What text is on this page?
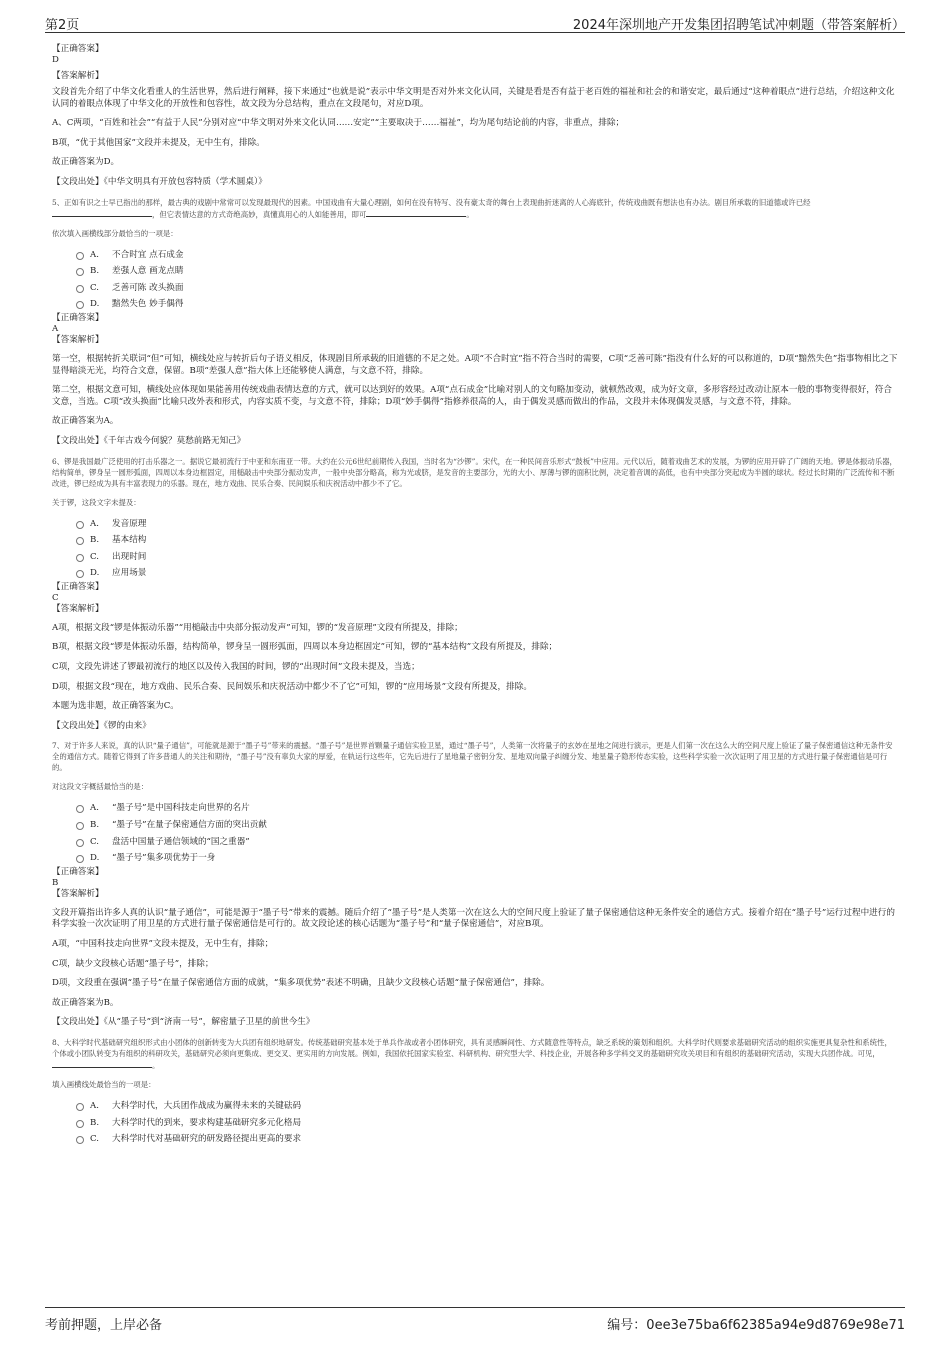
第2页	2024年深圳地产开发集团招聘笔试冲刺题（带答案解析）

【正确答案】

D

【答案解析】

文段首先介绍了中华文化看重人的生活世界，然后进行阐释，接下来通过“也就是说”表示中华文明是否对外来文化认同，关键是看是否有益于老百姓的福祉和社会的和谐安定，最后通过“这种着眼点”进行总结，介绍这种文化认同的着眼点体现了中华文化的开放性和包容性，故文段为分总结构，重点在文段尾句，对应D项。

A、C两项，“百姓和社会”“有益于人民”分别对应“中华文明对外来文化认同……安定”“主要取决于……福祉”，均为尾句结论前的内容，非重点，排除；

B项，“优于其他国家”文段并未提及，无中生有，排除。

故正确答案为D。

【文段出处】《中华文明具有开放包容特质（学术圆桌）》

5、正如有识之士早已指出的那样，最古典的戏剧中常常可以发现最现代的因素。中国戏曲有大量心理剧，如何在没有特写、没有豪太奇的舞台上表现曲折迷离的人心海底针，传统戏曲既有想法也有办法。剧目所承载的旧道德或许已经，但它表情达意的方式奇绝高妙，真懂真用心的人如能善用，即可	。

依次填入画横线部分最恰当的一项是：

A. 不合时宜 点石成金
B. 差强人意 画龙点睛
C. 乏善可陈 改头换面
D. 黯然失色 妙手偶得

【正确答案】

A

【答案解析】

第一空，根据转折关联词“但”可知，横线处应与转折后句子语义相反，体现剧目所承载的旧道德的不足之处。A项“不合时宜”指不符合当时的需要，C项“乏善可陈”指没有什么好的可以称道的，D项“黯然失色”指事物相比之下显得暗淡无光，均符合文意，保留。B项“差强人意”指大体上还能够使人满意，与文意不符，排除。

第二空，根据文意可知，横线处应体现如果能善用传统戏曲表情达意的方式，就可以达到好的效果。A项“点石成金”比喻对别人的文句略加变动，就顿然改观，成为好文章，多形容经过改动让原本一般的事物变得很好，符合文意，当选。C项“改头换面”比喻只改外表和形式，内容实质不变，与文意不符，排除；D项“妙手偶得”指修养很高的人，由于偶发灵感而做出的作品，文段并未体现偶发灵感，与文意不符，排除。

故正确答案为A。

【文段出处】《千年古戏今何貌？莫愁前路无知己》

6、锣是我国最广泛使用的打击乐器之一。据说它最初流行于中亚和东南亚一带。大约在公元6世纪前期传入我国，当时名为“沙锣”。宋代，在一种民间音乐形式“鼓板”中应用。元代以后，随着戏曲艺术的发展，为锣的应用开辟了广阔的天地。锣是体振动乐器，结构简单，锣身呈一圆形弧面，四周以本身边框固定，用槌敲击中央部分振动发声，一般中央部分略高，称为光或脐，是发音的主要部分，光的大小、厚薄与锣的面积比例，决定着音调的高低，也有中央部分突起成为半圆的球状。经过长时期的广泛流传和不断改进，锣已经成为具有丰富表现力的乐器。现在，地方戏曲、民乐合奏、民间娱乐和庆祝活动中都少不了它。

关于锣，这段文字未提及：

A. 发音原理
B. 基本结构
C. 出现时间
D. 应用场景

【正确答案】

C

【答案解析】

A项，根据文段“锣是体振动乐器”“用槌敲击中央部分振动发声”可知，锣的“发音原理”文段有所提及，排除；

B项，根据文段“锣是体振动乐器，结构简单，锣身呈一圆形弧面，四周以本身边框固定”可知，锣的“基本结构”文段有所提及，排除；

C项，文段先讲述了锣最初流行的地区以及传入我国的时间，锣的“出现时间”文段未提及，当选；

D项，根据文段“现在，地方戏曲、民乐合奏、民间娱乐和庆祝活动中都少不了它”可知，锣的“应用场景”文段有所提及，排除。

本题为选非题，故正确答案为C。

【文段出处】《锣的由来》

7、对于许多人来说，真的认识“量子通信”，可能就是源于“墨子号”带来的震撼。“墨子号”是世界首颗量子通信实验卫星，通过“墨子号”，人类第一次将量子的玄妙在星地之间进行演示，更是人们第一次在这么大的空间尺度上验证了量子保密通信这种无条件安全的通信方式。随着它得到了许多普通人的关注和期待，“墨子号”没有辜负大家的厚爱，在轨运行这些年，它先后进行了星地量子密钥分发、星地双向量子纠缠分发、地星量子隐形传态实验，这些科学实验一次次证明了用卫星的方式进行量子保密通信是可行的。

对这段文字概括最恰当的是：

A. “墨子号”是中国科技走向世界的名片
B. “墨子号”在量子保密通信方面的突出贡献
C. 盘活中国量子通信领域的“国之重器”
D. “墨子号”集多项优势于一身

【正确答案】

B

【答案解析】

文段开篇指出许多人真的认识“量子通信”，可能是源于“墨子号”带来的震撼。随后介绍了“墨子号”是人类第一次在这么大的空间尺度上验证了量子保密通信这种无条件安全的通信方式。接着介绍在“墨子号”运行过程中进行的科学实验一次次证明了用卫星的方式进行量子保密通信是可行的。故文段论述的核心话题为“墨子号”和“量子保密通信”，对应B项。

A项，“中国科技走向世界”文段未提及，无中生有，排除；

C项，缺少文段核心话题“墨子号”，排除；

D项，文段重在强调“墨子号”在量子保密通信方面的成就，“集多项优势”表述不明确，且缺少文段核心话题“量子保密通信”，排除。

故正确答案为B。

【文段出处】《从“墨子号”到“济南一号”，解密量子卫星的前世今生》

8、大科学时代基础研究组织形式由小团体的创新转变为大兵团有组织地研发。传统基础研究基本处于单兵作战或者小团体研究，具有灵感瞬间性、方式随意性等特点，缺乏系统的策划和组织。大科学时代则要求基础研究活动的组织实施更具复杂性和系统性，个体或小团队转变为有组织的科研攻关，基础研究必须向更集成、更交叉、更实用的方向发展。例如，我国依托国家实验室、科研机构、研究型大学、科技企业，开展各种多学科交叉的基础研究攻关项目和有组织的基础研究活动，实现大兵团作战。可见，。

填入画横线处最恰当的一项是：

A. 大科学时代，大兵团作战成为赢得未来的关键砝码
B. 大科学时代的到来，要求构建基础研究多元化格局
C. 大科学时代对基础研究的研发路径提出更高的要求
考前押题，上岸必备	编号：0ee3e75ba6f62385a94e9d8769e98e71
